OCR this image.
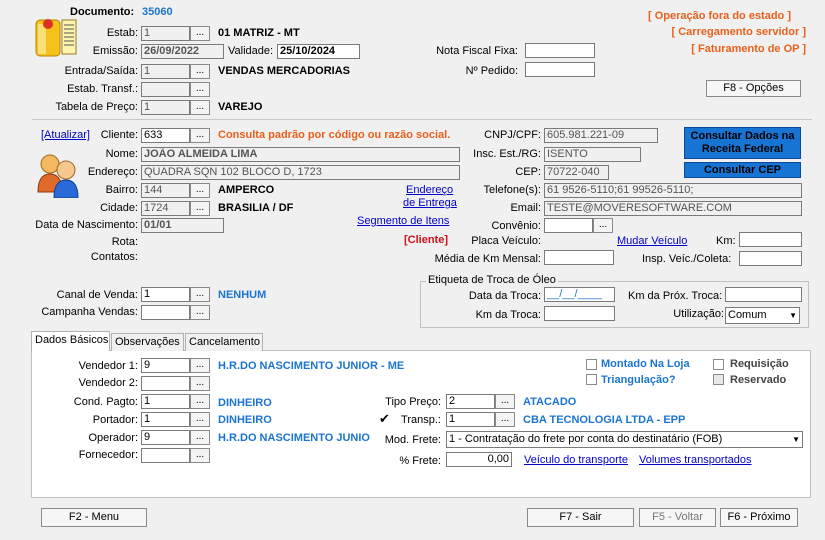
Documento: 35060	[ Operação fora do estado ]
[ Carregamento servidor ]
[ Faturamento de OP ]
Estab: 1	...	01 MATRIZ - MT
Emissão: 26/09/2022	Validade: 25/10/2024
Entrada/Saída: 1	...	VENDAS MERCADORIAS
Estab. Transf.:	...
Tabela de Preço: 1	...	VAREJO
Nota Fiscal Fixa:
Nº Pedido:
F8 - Opções
[Atualizar] Cliente: 633	...	Consulta padrão por código ou razão social.
Nome: JOÃO ALMEIDA LIMA
Endereço: QUADRA SQN 102 BLOCO D, 1723
Bairro: 144	...	AMPERCO
Cidade: 1724	...	BRASILIA / DF
Endereço
de Entrega
Segmento de Itens
Data de Nascimento: 01/01
Rota:
Contatos:
[Cliente]
CNPJ/CPF: 605.981.221-09
Insc. Est./RG: ISENTO
CEP: 70722-040
Telefone(s): 61 9526-5110;61 99526-5110;
Email: TESTE@MOVERESOFTWARE.COM
Convênio:	...
Placa Veículo:	Mudar Veículo	Km:
Média de Km Mensal:	Insp. Veíc./Coleta:
Consultar Dados na Receita Federal
Consultar CEP
Canal de Venda: 1	...	NENHUM
Campanha Vendas:	...
Etiqueta de Troca de Óleo
Data da Troca: __/__/____	Km da Próx. Troca:
Km da Troca:	Utilização: Comum	▼
Dados Básicos Observações Cancelamento
Vendedor 1: 9	...	H.R.DO NASCIMENTO JUNIOR - ME
Vendedor 2:	...
Cond. Pagto: 1	...	DINHEIRO
Portador: 1	...	DINHEIRO
Operador: 9	...	H.R.DO NASCIMENTO JUNIO
Fornecedor:	...
Tipo Preço: 2	...	ATACADO
✔ Transp.: 1	...	CBA TECNOLOGIA LTDA - EPP
Mod. Frete: 1 - Contratação do frete por conta do destinatário (FOB)	▼
% Frete:	0,00 Veículo do transporte Volumes transportados
Montado Na Loja
Triangulação?
Requisição
Reservado
F2 - Menu	F7 - Sair	F5 - Voltar	F6 - Próximo
